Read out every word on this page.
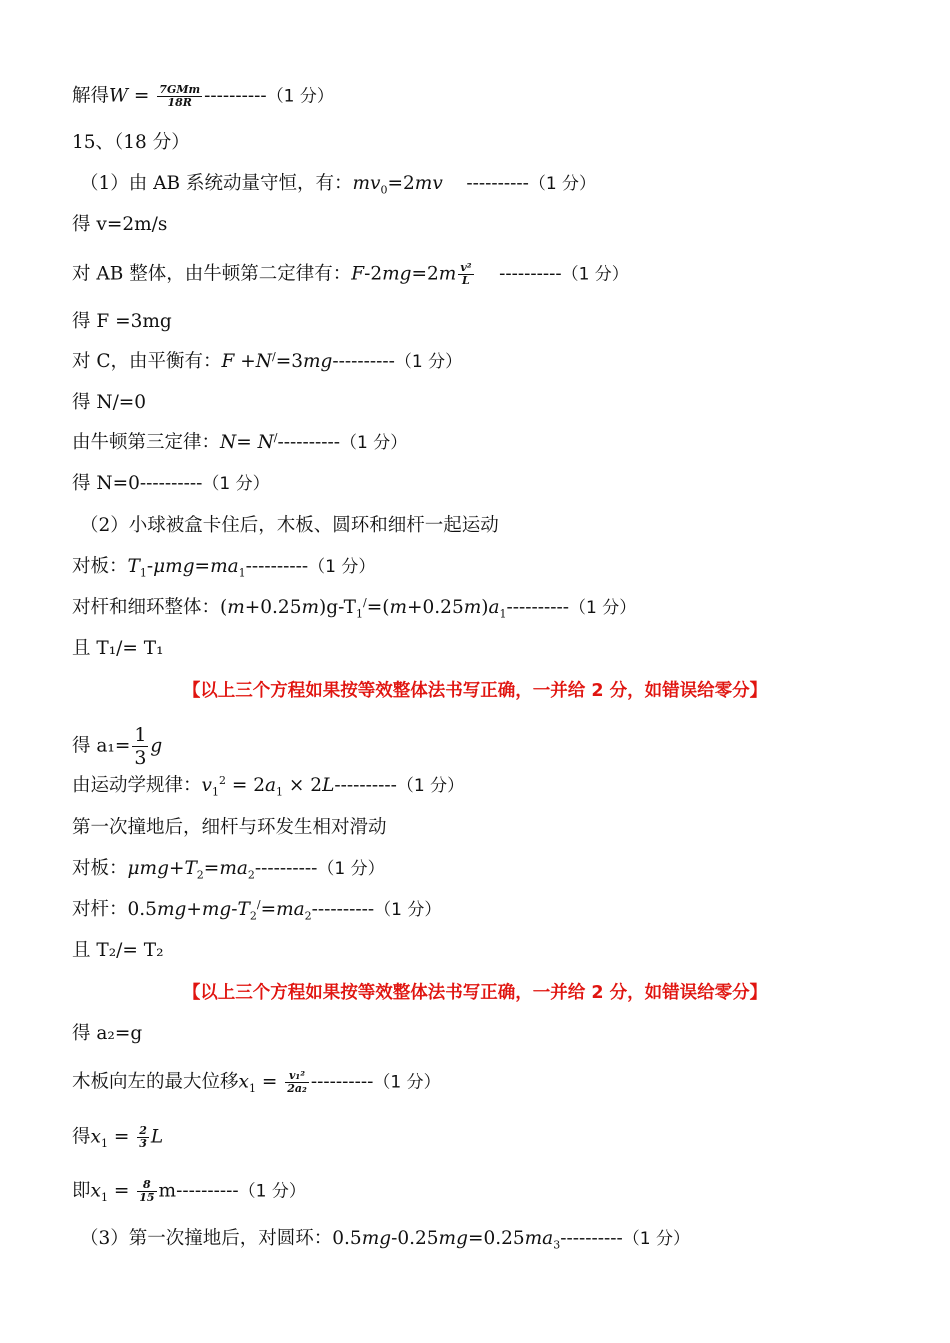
解得$W = \frac{\text{7GMm}}{18R} ----------(1$ 分）
15、（18 分）
（1）由 AB 系统动量守恒，有：$mv_0=2mv$ ----------（1 分）
得 v=2m/s
对 AB 整体，由牛顿第二定律有：$F-2mg=2m \frac{\text{v²}}{L} ----------(1$ 分）
得 F =3mg
对 C，由平衡有：F +N/=3mg----------（1 分）
得 N/=0
由牛顿第三定律：N= N/----------（1 分）
得 N=0----------（1 分）
（2）小球被盒卡住后，木板、圆环和细杆一起运动
对板：$T_1-\mu mg=ma_1----------(1$ 分）
对杆和细环整体：$(m+0.25m)g-T_1^/=(m+0.25m)a_1----------(1$ 分）
且 T₁/= T₁
【以上三个方程如果按等效整体法书写正确，一并给 2 分，如错误给零分】
得 $a_1= \frac{1}{3}$ g
由运动学规律：$v_1^2 = 2a_1 \times 2L----------(1$ 分）
第一次撞地后，细杆与环发生相对滑动
对板：$\mu mg+T_2=ma_2----------(1$ 分）
对杆：$0.5mg+mg-T_2^/=ma_2----------(1$ 分）
且 T₂/= T₂
【以上三个方程如果按等效整体法书写正确，一并给 2 分，如错误给零分】
得 a₂=g
木板向左的最大位移$x_1 = \frac{\text{v₁²}}{\text{2a₂}} ----------(1$ 分）
得$x_1 = \frac{2}{3}$ L
即$x_1 = \frac{8}{15} m----------(1$ 分）
（3）第一次撞地后，对圆环：$0.5mg-0.25mg=0.25ma_3----------(1$ 分）
